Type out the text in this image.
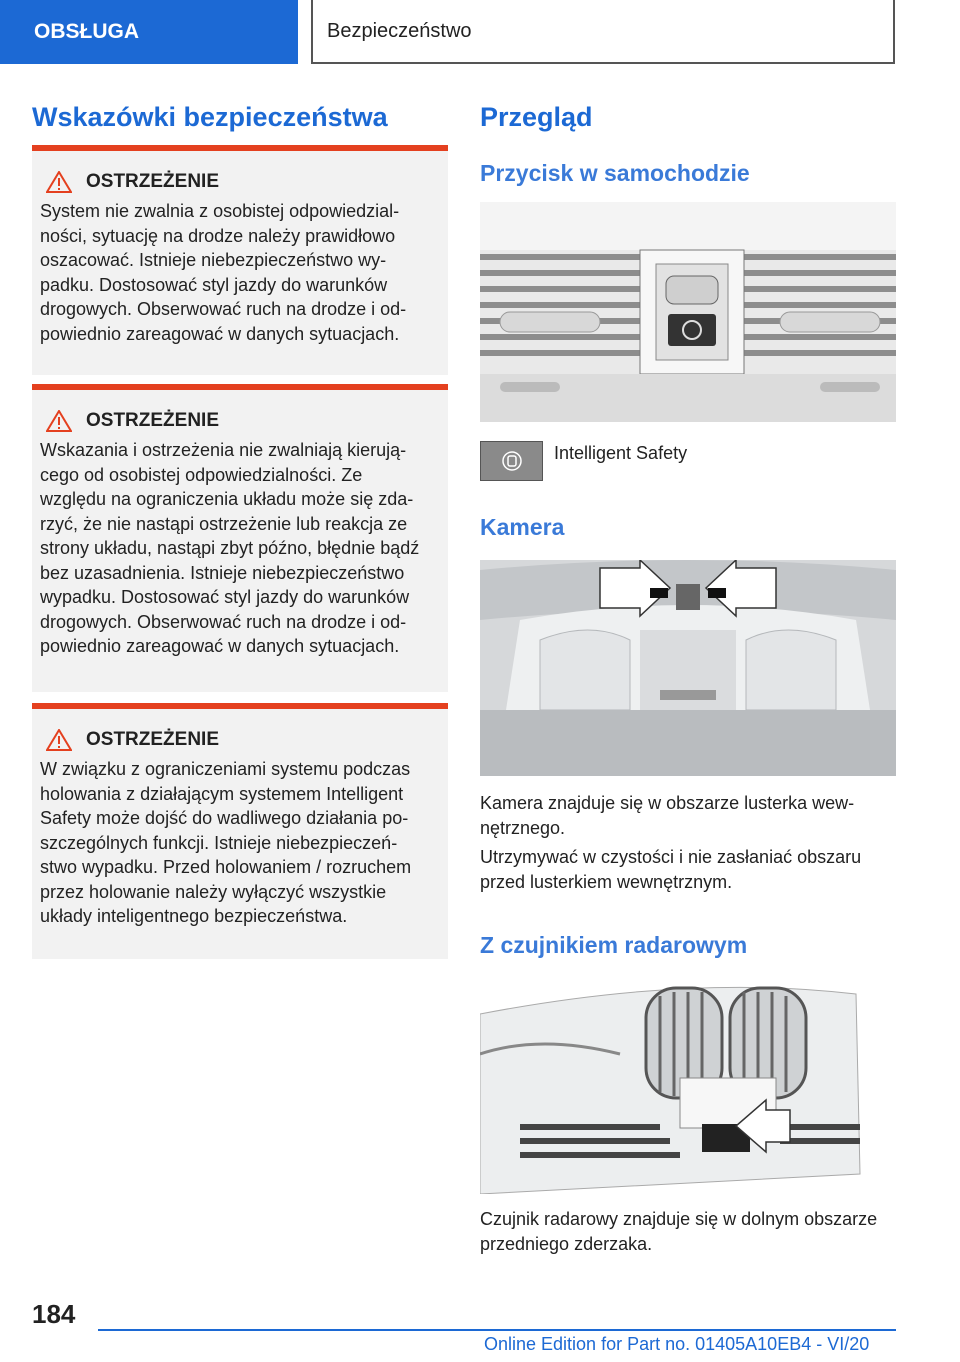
OBSŁUGA	Bezpieczeństwo
Wskazówki bezpieczeństwa
OSTRZEŻENIE
System nie zwalnia z osobistej odpowiedzial-
ności, sytuację na drodze należy prawidłowo
oszacować. Istnieje niebezpieczeństwo wy-
padku. Dostosować styl jazdy do warunków
drogowych. Obserwować ruch na drodze i od-
powiednio zareagować w danych sytuacjach.
OSTRZEŻENIE
Wskazania i ostrzeżenia nie zwalniają kierują-
cego od osobistej odpowiedzialności. Ze
względu na ograniczenia układu może się zda-
rzyć, że nie nastąpi ostrzeżenie lub reakcja ze
strony układu, nastąpi zbyt późno, błędnie bądź
bez uzasadnienia. Istnieje niebezpieczeństwo
wypadku. Dostosować styl jazdy do warunków
drogowych. Obserwować ruch na drodze i od-
powiednio zareagować w danych sytuacjach.
OSTRZEŻENIE
W związku z ograniczeniami systemu podczas
holowania z działającym systemem Intelligent
Safety może dojść do wadliwego działania po-
szczególnych funkcji. Istnieje niebezpieczeń-
stwo wypadku. Przed holowaniem / rozruchem
przez holowanie należy wyłączyć wszystkie
układy inteligentnego bezpieczeństwa.
Przegląd
Przycisk w samochodzie
Intelligent Safety
Kamera
Kamera znajduje się w obszarze lusterka wew-
nętrznego.
Utrzymywać w czystości i nie zasłaniać obszaru
przed lusterkiem wewnętrznym.
Z czujnikiem radarowym
Czujnik radarowy znajduje się w dolnym obszarze
przedniego zderzaka.
184
Online Edition for Part no. 01405A10EB4 - VI/20
